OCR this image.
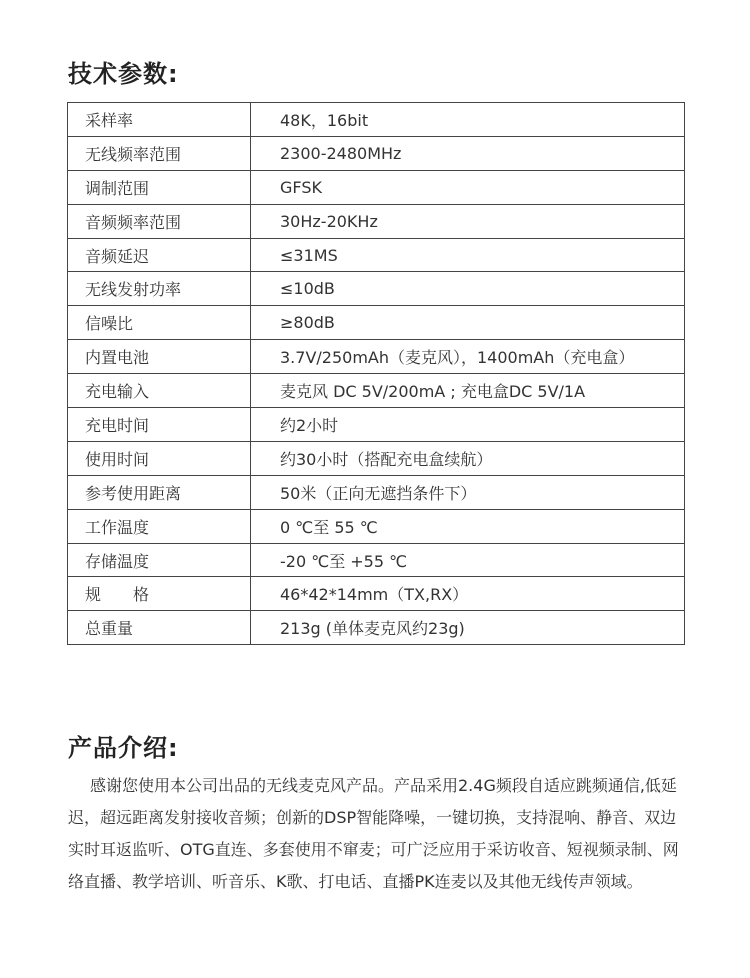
技术参数:
采样率	48K，16bit
无线频率范围	2300-2480MHz
调制范围	GFSK
音频频率范围	30Hz-20KHz
音频延迟	≤31MS
无线发射功率	≤10dB
信噪比	≥80dB
内置电池	3.7V/250mAh（麦克风），1400mAh（充电盒）
充电输入	麦克风 DC 5V/200mA ; 充电盒DC 5V/1A
充电时间	约2小时
使用时间	约30小时（搭配充电盒续航）
参考使用距离	50米（正向无遮挡条件下）
工作温度	0 ℃至 55 ℃
存储温度	-20 ℃至 +55 ℃
规　　格	46*42*14mm（TX,RX）
总重量	213g (单体麦克风约23g)
产品介绍:

感谢您使用本公司出品的无线麦克风产品。产品采用2.4G频段自适应跳频通信,低延迟，超远距离发射接收音频；创新的DSP智能降噪，一键切换，支持混响、静音、双边实时耳返监听、OTG直连、多套使用不窜麦；可广泛应用于采访收音、短视频录制、网络直播、教学培训、听音乐、K歌、打电话、直播PK连麦以及其他无线传声领域。
